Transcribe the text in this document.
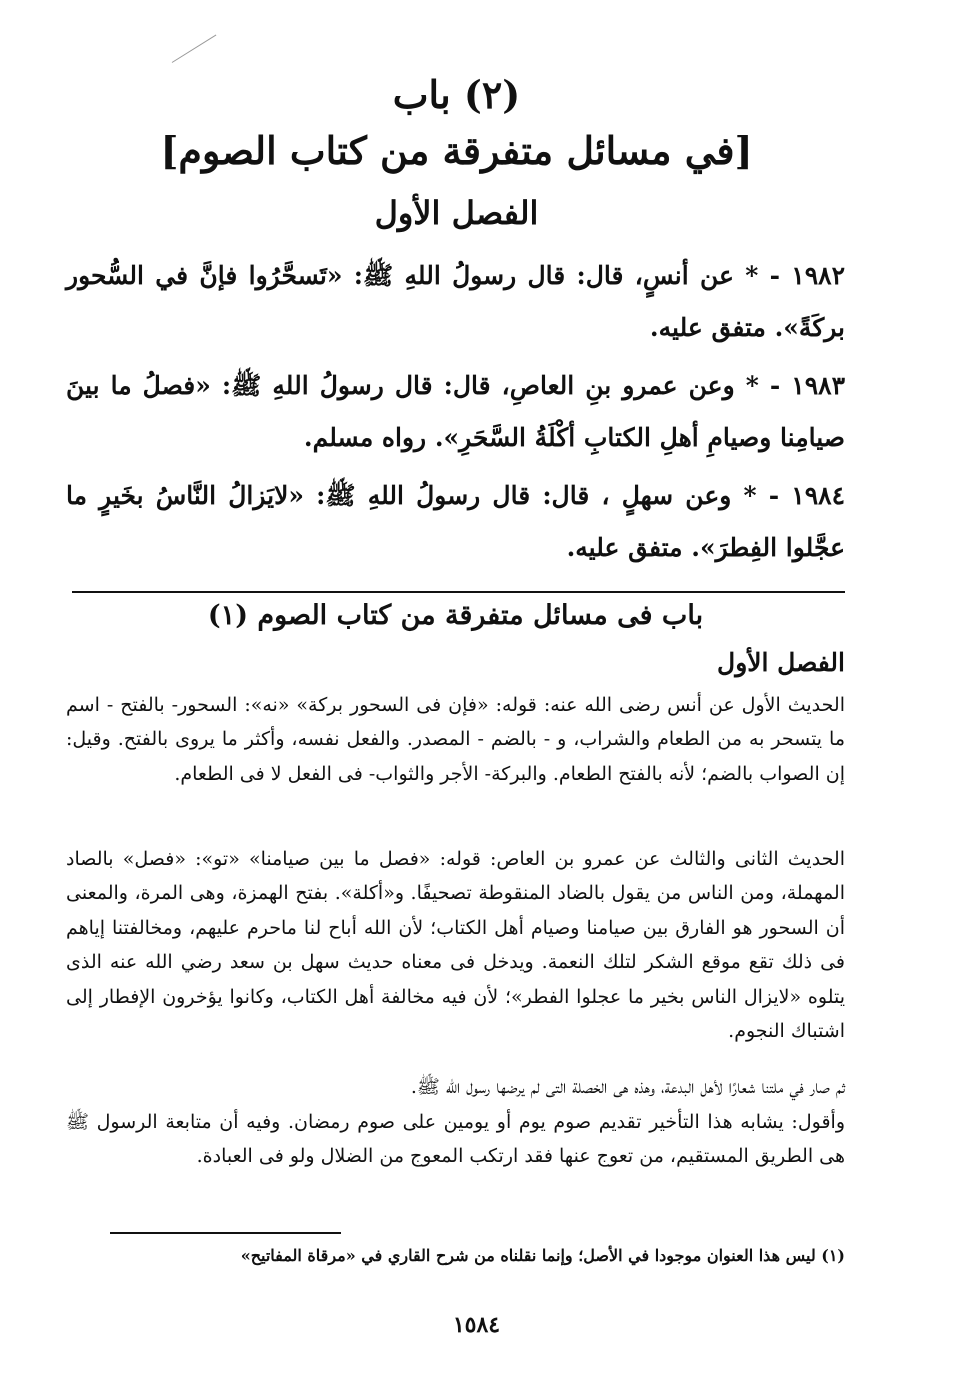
(٢) باب
[في مسائل متفرقة من كتاب الصوم]
الفصل الأول
١٩٨٢ - * عن أنسٍ، قال: قال رسولُ اللهِ ﷺ: «تَسحَّرُوا فإنَّ في السُّحور بركَةً». متفق عليه.
١٩٨٣ - * وعن عمرو بنِ العاصِ، قال: قال رسولُ اللهِ ﷺ: «فصلُ ما بينَ صيامِنا وصيامِ أهلِ الكتابِ أكْلَةُ السَّحَرِ». رواه مسلم.
١٩٨٤ - * وعن سهلٍ ، قال: قال رسولُ اللهِ ﷺ: «لايَزالُ النَّاسُ بخَيرٍ ما عجَّلوا الفِطرَ». متفق عليه.
باب فى مسائل متفرقة من كتاب الصوم (١)
الفصل الأول
الحديث الأول عن أنس رضى الله عنه: قوله: «فإن فى السحور بركة» «نه»: السحور- بالفتح - اسم ما يتسحر به من الطعام والشراب، و - بالضم - المصدر. والفعل نفسه، وأكثر ما يروى بالفتح. وقيل: إن الصواب بالضم؛ لأنه بالفتح الطعام. والبركة- الأجر والثواب- فى الفعل لا فى الطعام.
الحديث الثانى والثالث عن عمرو بن العاص: قوله: «فصل ما بين صيامنا» «تو»: «فصل» بالصاد المهملة، ومن الناس من يقول بالضاد المنقوطة تصحيفًا. و«أكلة». بفتح الهمزة، وهى المرة، والمعنى أن السحور هو الفارق بين صيامنا وصيام أهل الكتاب؛ لأن الله أباح لنا ماحرم عليهم، ومخالفتنا إياهم فى ذلك تقع موقع الشكر لتلك النعمة. ويدخل فى معناه حديث سهل بن سعد رضي الله عنه الذى يتلوه «لايزال الناس بخير ما عجلوا الفطر»؛ لأن فيه مخالفة أهل الكتاب، وكانوا يؤخرون الإفطار إلى اشتباك النجوم.
ثم صار في ملتنا شعارًا لأهل البدعة، وهذه هى الخصلة التى لم يرضها رسول الله ﷺ.
وأقول: يشابه هذا التأخير تقديم صوم يوم أو يومين على صوم رمضان. وفيه أن متابعة الرسول ﷺ هى الطريق المستقيم، من تعوج عنها فقد ارتكب المعوج من الضلال ولو فى العبادة.
(١) ليس هذا العنوان موجودا في الأصل؛ وإنما نقلناه من شرح القاري في «مرقاة المفاتيح»
١٥٨٤
